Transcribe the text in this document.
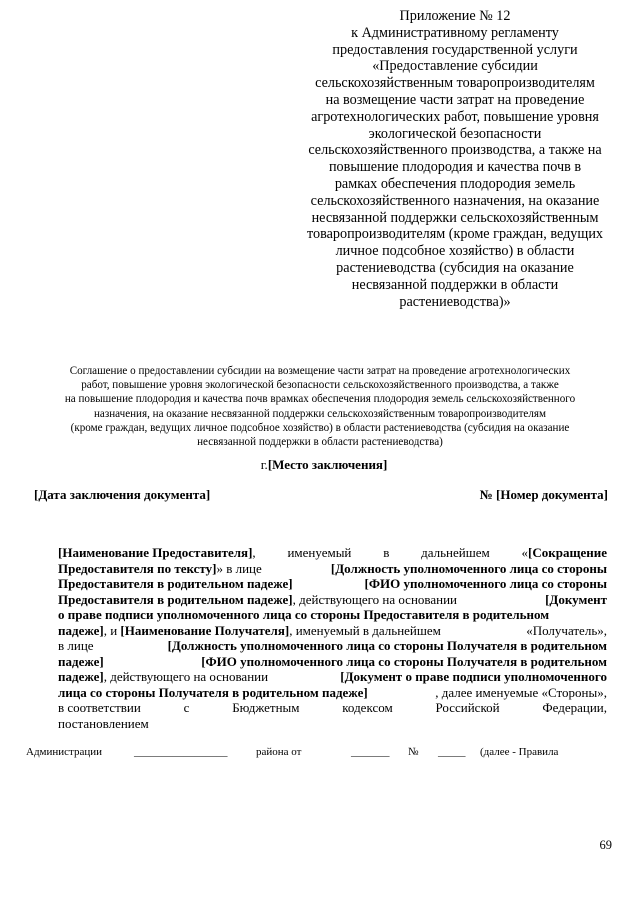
Приложение № 12
к Административному регламенту
предоставления государственной услуги
«Предоставление субсидии
сельскохозяйственным товаропроизводителям
на возмещение части затрат на проведение
агротехнологических работ, повышение уровня
экологической безопасности
сельскохозяйственного производства, а также на
повышение плодородия и качества почв в
рамках обеспечения плодородия земель
сельскохозяйственного назначения, на оказание
несвязанной поддержки сельскохозяйственным
товаропроизводителям (кроме граждан, ведущих
личное подсобное хозяйство) в области
растениеводства (субсидия на оказание
несвязанной поддержки в области
растениеводства)»
Соглашение о предоставлении субсидии на возмещение части затрат на проведение агротехнологических
работ, повышение уровня экологической безопасности сельскохозяйственного производства, а также
на повышение плодородия и качества почв врамках обеспечения плодородия земель сельскохозяйственного
назначения, на оказание несвязанной поддержки сельскохозяйственным товаропроизводителям
(кроме граждан, ведущих личное подсобное хозяйство) в области растениеводства (субсидия на оказание
несвязанной поддержки в области растениеводства)
г.[Место заключения]
[Дата заключения документа]	№ [Номер документа]
[Наименование Предоставителя], именуемый в дальнейшем «[Сокращение
Предоставителя по тексту]» в лице	[Должность уполномоченного лица со стороны
Предоставителя в родительном падеже]	[ФИО уполномоченного лица со стороны
Предоставителя в родительном падеже], действующего на основании	[Документ
о праве подписи уполномоченного лица со стороны Предоставителя в родительном
падеже], и [Наименование Получателя], именуемый в дальнейшем	«Получатель»,
в лице	[Должность уполномоченного лица со стороны Получателя в родительном
падеже]	[ФИО уполномоченного лица со стороны Получателя в родительном
падеже], действующего на основании	[Документ о праве подписи уполномоченного
лица со стороны Получателя в родительном падеже]	, далее именуемые «Стороны»,
в соответствии	с	Бюджетным	кодексом	Российской	Федерации,
постановлением
Администрации	_________________	района от	_______ № _____ (далее - Правила
69
